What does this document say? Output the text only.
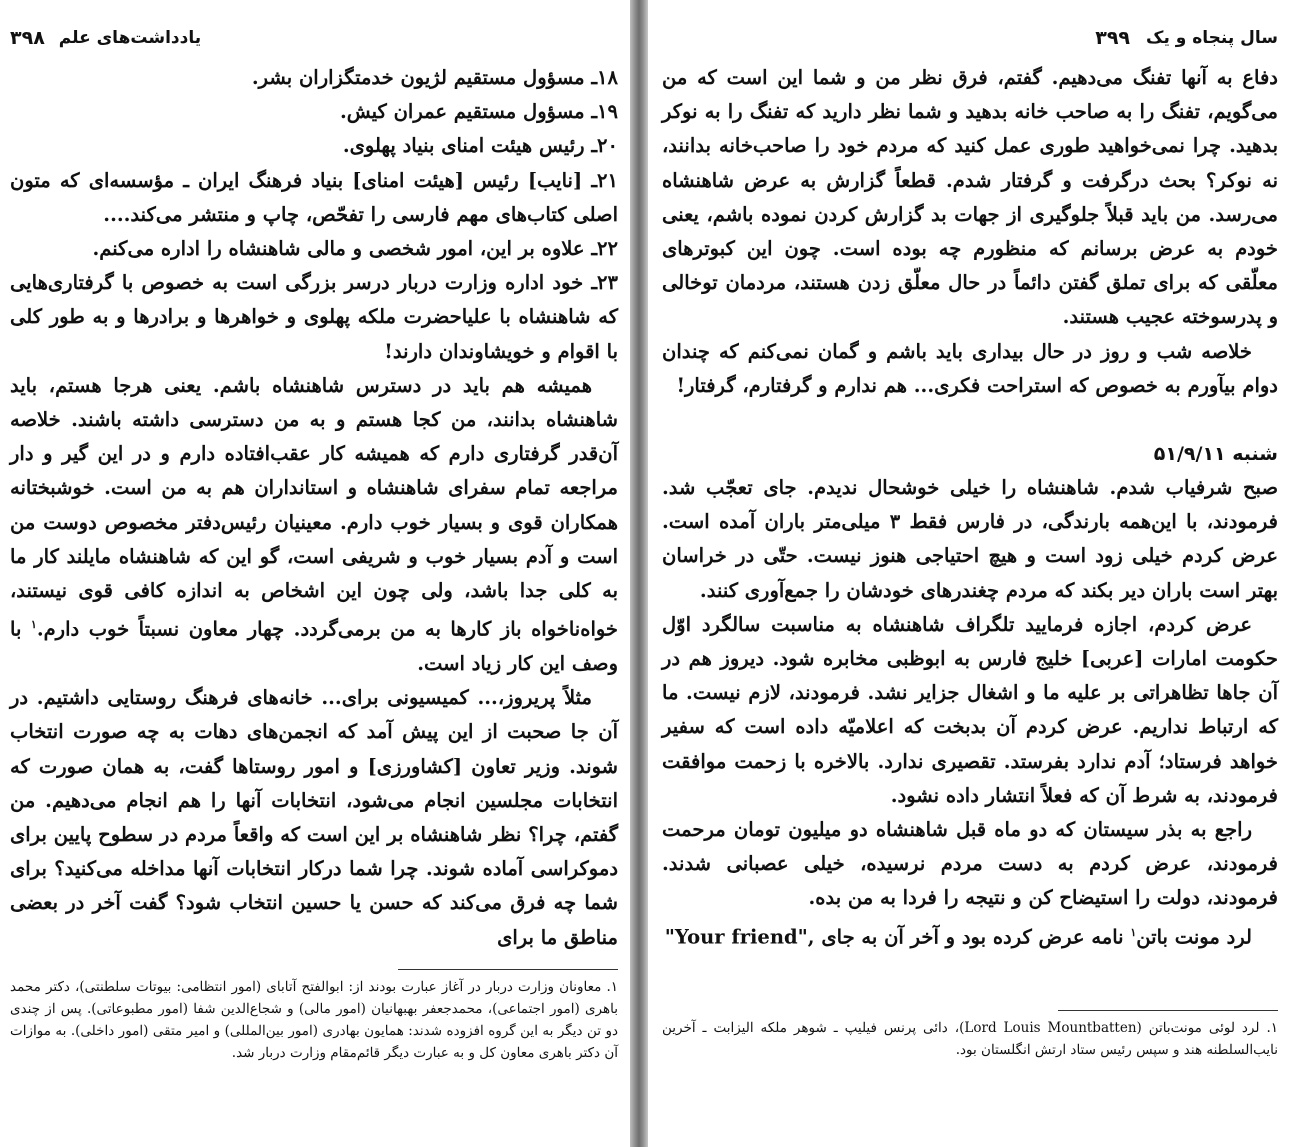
یادداشت‌های علم
۳۹۸

۱۸ـ مسؤول مستقیم لژیون خدمتگزاران بشر.

۱۹ـ مسؤول مستقیم عمران کیش.

۲۰ـ رئیس هیئت امنای بنیاد پهلوی.

۲۱ـ [نایب] رئیس [هیئت امنای] بنیاد فرهنگ ایران ـ مؤسسه‌ای که متون اصلی کتاب‌های مهم فارسی را تفحّص، چاپ و منتشر می‌کند....

۲۲ـ علاوه بر این، امور شخصی و مالی شاهنشاه را اداره می‌کنم.

۲۳ـ خود اداره وزارت دربار درسر بزرگی است به خصوص با گرفتاری‌هایی که شاهنشاه با علیاحضرت ملکه پهلوی و خواهرها و برادرها و به طور کلی با اقوام و خویشاوندان دارند!

همیشه هم باید در دسترس شاهنشاه باشم. یعنی هرجا هستم، باید شاهنشاه بدانند، من کجا هستم و به من دسترسی داشته باشند. خلاصه آن‌قدر گرفتاری دارم که همیشه کار عقب‌افتاده دارم و در این گیر و دار مراجعه تمام سفرای شاهنشاه و استانداران هم به من است. خوشبختانه همکاران قوی و بسیار خوب دارم. معینیان رئیس‌دفتر مخصوص دوست من است و آدم بسیار خوب و شریفی است، گو این که شاهنشاه مایلند کار ما به کلی جدا باشد، ولی چون این اشخاص به اندازه کافی قوی نیستند، خواه‌ناخواه باز کارها به من برمی‌گردد. چهار معاون نسبتاً خوب دارم.$^۱$ با وصف این کار زیاد است.

مثلاً پریروز،... کمیسیونی برای... خانه‌های فرهنگ روستایی داشتیم. در آن جا صحبت از این پیش آمد که انجمن‌های دهات به چه صورت انتخاب شوند. وزیر تعاون [کشاورزی] و امور روستاها گفت، به همان صورت که انتخابات مجلسین انجام می‌شود، انتخابات آنها را هم انجام می‌دهیم. من گفتم، چرا؟ نظر شاهنشاه بر این است که واقعاً مردم در سطوح پایین برای دموکراسی آماده شوند. چرا شما درکار انتخابات آنها مداخله می‌کنید؟ برای شما چه فرق می‌کند که حسن یا حسین انتخاب شود؟ گفت آخر در بعضی مناطق ما برای

۱. معاونان وزارت دربار در آغاز عبارت بودند از: ابوالفتح آتابای (امور انتظامی: بیوتات سلطنتی)، دکتر محمد باهری (امور اجتماعی)، محمدجعفر بهبهانیان (امور مالی) و شجاع‌الدین شفا (امور مطبوعاتی). پس از چندی دو تن دیگر به این گروه افزوده شدند: همایون بهادری (امور بین‌المللی) و امیر متقی (امور داخلی). به موازات آن دکتر باهری معاون کل و به عبارت دیگر قائم‌مقام وزارت دربار شد.
سال پنجاه و یک
۳۹۹

دفاع به آنها تفنگ می‌دهیم. گفتم، فرق نظر من و شما این است که من می‌گویم، تفنگ را به صاحب خانه بدهید و شما نظر دارید که تفنگ را به نوکر بدهید. چرا نمی‌خواهید طوری عمل کنید که مردم خود را صاحب‌خانه بدانند، نه نوکر؟ بحث درگرفت و گرفتار شدم. قطعاً گزارش به عرض شاهنشاه می‌رسد. من باید قبلاً جلوگیری از جهات بد گزارش کردن نموده باشم، یعنی خودم به عرض برسانم که منظورم چه بوده است. چون این کبوترهای معلّقی که برای تملق گفتن دائماً در حال معلّق زدن هستند، مردمان توخالی و پدرسوخته عجیب هستند.

خلاصه شب و روز در حال بیداری باید باشم و گمان نمی‌کنم که چندان دوام بیآورم به خصوص که استراحت فکری... هم ندارم و گرفتارم، گرفتار!

شنبه ۵۱/۹/۱۱

صبح شرفیاب شدم. شاهنشاه را خیلی خوشحال ندیدم. جای تعجّب شد. فرمودند، با این‌همه بارندگی، در فارس فقط ۳ میلی‌متر باران آمده است. عرض کردم خیلی زود است و هیچ احتیاجی هنوز نیست. حتّی در خراسان بهتر است باران دیر بکند که مردم چغندرهای خودشان را جمع‌آوری کنند.

عرض کردم، اجازه فرمایید تلگراف شاهنشاه به مناسبت سالگرد اوّل حکومت امارات [عربی] خلیج فارس به ابوظبی مخابره شود. دیروز هم در آن جاها تظاهراتی بر علیه ما و اشغال جزایر نشد. فرمودند، لازم نیست. ما که ارتباط نداریم. عرض کردم آن بدبخت که اعلامیّه داده است که سفیر خواهد فرستاد؛ آدم ندارد بفرستد. تقصیری ندارد. بالاخره با زحمت موافقت فرمودند، به شرط آن که فعلاً انتشار داده نشود.

راجع به بذر سیستان که دو ماه قبل شاهنشاه دو میلیون تومان مرحمت فرمودند، عرض کردم به دست مردم نرسیده، خیلی عصبانی شدند. فرمودند، دولت را استیضاح کن و نتیجه را فردا به من بده.

لرد مونت باتن$^۱$ نامه عرض کرده بود و آخر آن به جای "Your friend",

۱. لرد لوئی مونت‌باتن (Lord Louis Mountbatten)، دائی پرنس فیلیپ ـ شوهر ملکه الیزابت ـ آخرین نایب‌السلطنه هند و سپس رئیس ستاد ارتش انگلستان بود.
